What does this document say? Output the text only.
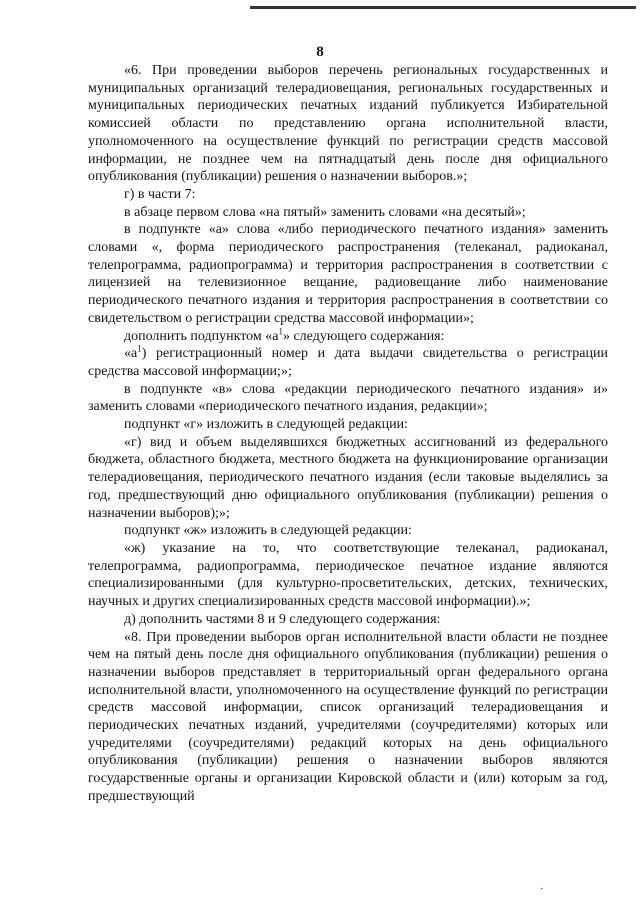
8

«6. При проведении выборов перечень региональных государственных и муниципальных организаций телерадиовещания, региональных государственных и муниципальных периодических печатных изданий публикуется Избирательной комиссией области по представлению органа исполнительной власти, уполномоченного на осуществление функций по регистрации средств массовой информации, не позднее чем на пятнадцатый день после дня официального опубликования (публикации) решения о назначении выборов.»;

г) в части 7:

в абзаце первом слова «на пятый» заменить словами «на десятый»;

в подпункте «а» слова «либо периодического печатного издания» заменить словами «, форма периодического распространения (телеканал, радиоканал, телепрограмма, радиопрограмма) и территория распространения в соответствии с лицензией на телевизионное вещание, радиовещание либо наименование периодического печатного издания и территория распространения в соответствии со свидетельством о регистрации средства массовой информации»;

дополнить подпунктом «$а^1$» следующего содержания:

«$а^1$) регистрационный номер и дата выдачи свидетельства о регистрации средства массовой информации;»;

в подпункте «в» слова «редакции периодического печатного издания» и» заменить словами «периодического печатного издания, редакции»;

подпункт «г» изложить в следующей редакции:

«г) вид и объем выделявшихся бюджетных ассигнований из федерального бюджета, областного бюджета, местного бюджета на функционирование организации телерадиовещания, периодического печатного издания (если таковые выделялись за год, предшествующий дню официального опубликования (публикации) решения о назначении выборов);»;

подпункт «ж» изложить в следующей редакции:

«ж) указание на то, что соответствующие телеканал, радиоканал, телепрограмма, радиопрограмма, периодическое печатное издание являются специализированными (для культурно-просветительских, детских, технических, научных и других специализированных средств массовой информации).»;

д) дополнить частями 8 и 9 следующего содержания:

«8. При проведении выборов орган исполнительной власти области не позднее чем на пятый день после дня официального опубликования (публикации) решения о назначении выборов представляет в территориальный орган федерального органа исполнительной власти, уполномоченного на осуществление функций по регистрации средств массовой информации, список организаций телерадиовещания и периодических печатных изданий, учредителями (соучредителями) которых или учредителями (соучредителями) редакций которых на день официального опубликования (публикации) решения о назначении выборов являются государственные органы и организации Кировской области и (или) которым за год, предшествующий

·
